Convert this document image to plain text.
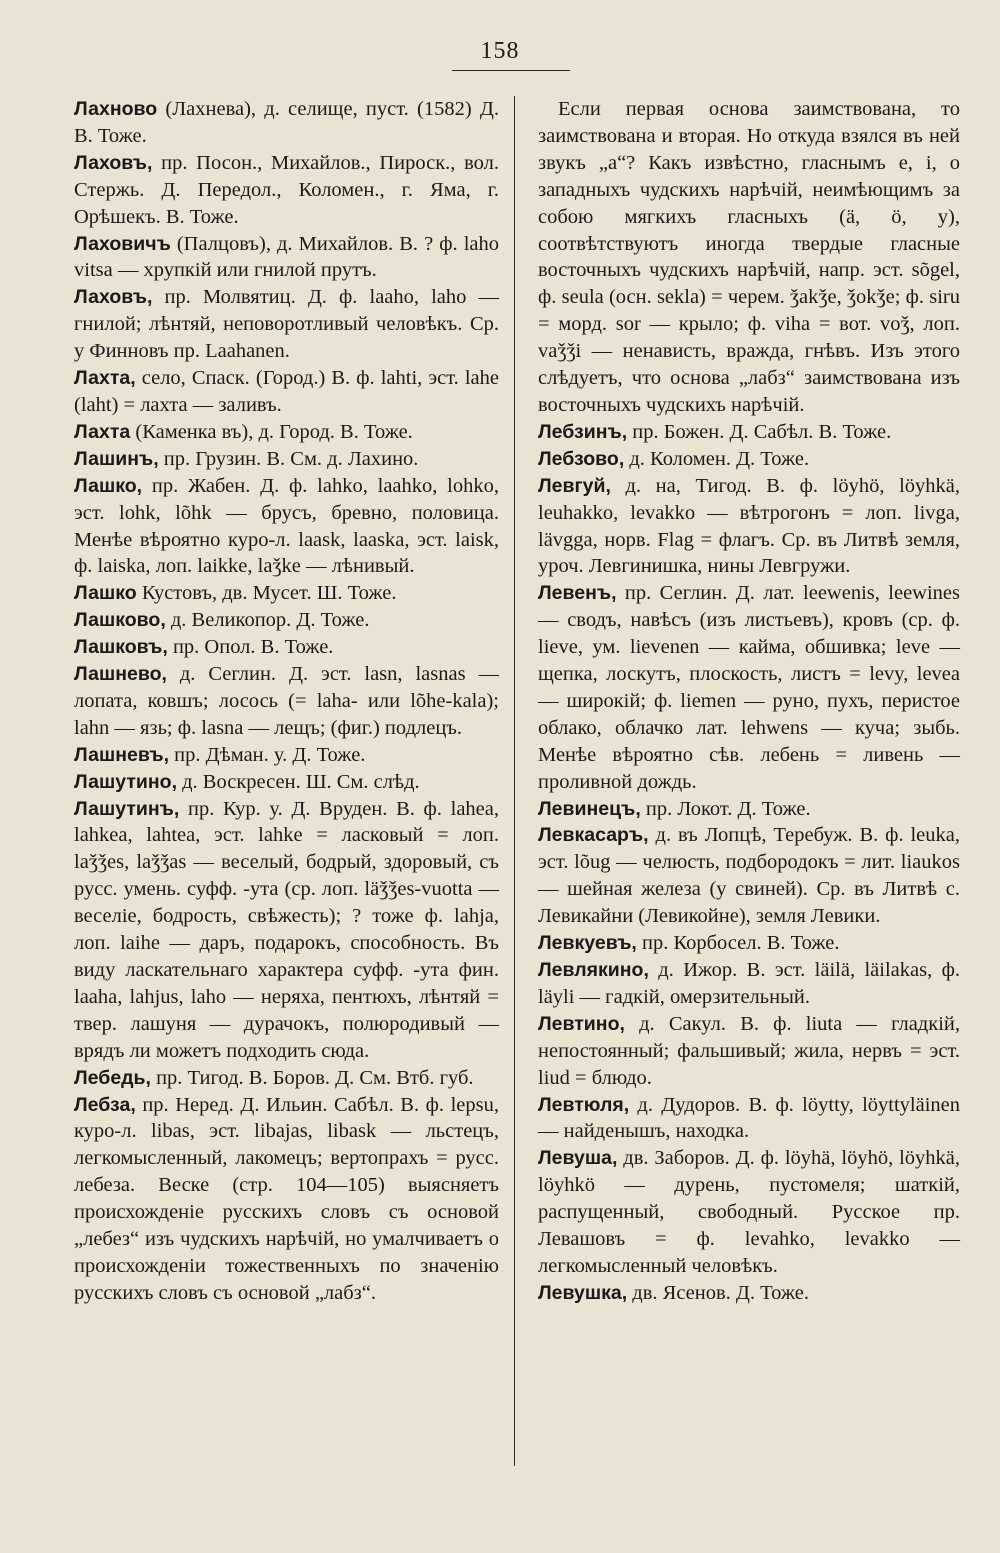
158

Лахново (Лахнева), д. селище, пуст. (1582) Д. В. Тоже.

Лаховъ, пр. Посон., Михайлов., Пироск., вол. Стержь. Д. Передол., Коломен., г. Яма, г. Орѣшекъ. В. Тоже.

Лаховичъ (Палцовъ), д. Михайлов. В. ? ф. laho vitsa — хрупкій или гнилой прутъ.

Лаховъ, пр. Молвятиц. Д. ф. laaho, laho — гнилой; лѣнтяй, неповоротливый человѣкъ. Ср. у Финновъ пр. Laahanen.

Лахта, село, Спаск. (Город.) В. ф. lahti, эст. lahe (laht) = лахта — заливъ.

Лахта (Каменка въ), д. Город. В. Тоже.

Лашинъ, пр. Грузин. В. См. д. Лахино.

Лашко, пр. Жабен. Д. ф. lahko, laahko, lohko, эст. lohk, lõhk — брусъ, бревно, половица. Менѣе вѣроятно куро-л. laask, laaska, эст. laisk, ф. laiska, лоп. laikke, laǯke — лѣнивый.

Лашко Кустовъ, дв. Мусет. Ш. Тоже.

Лашково, д. Великопор. Д. Тоже.

Лашковъ, пр. Опол. В. Тоже.

Лашнево, д. Сеглин. Д. эст. lasn, lasnas — лопата, ковшъ; лосось (= laha- или lõhe-kala); lahn — язь; ф. lasna — лещъ; (фиг.) подлецъ.

Лашневъ, пр. Дѣман. у. Д. Тоже.

Лашутино, д. Воскресен. Ш. См. слѣд.

Лашутинъ, пр. Кур. у. Д. Вруден. В. ф. lahea, lahkea, lahtea, эст. lahke = ласковый = лоп. laǯǯes, laǯǯas — веселый, бодрый, здоровый, съ русс. умень. суфф. -ута (ср. лоп. läǯǯes-vuotta — веселіе, бодрость, свѣжесть); ? тоже ф. lahja, лоп. laihe — даръ, подарокъ, способность. Въ виду ласкательнаго характера суфф. -ута фин. laaha, lahjus, laho — неряха, пентюхъ, лѣнтяй = твер. лашуня — дурачокъ, полюродивый — врядъ ли можетъ подходить сюда.

Лебедь, пр. Тигод. В. Боров. Д. См. Втб. губ.

Лебза, пр. Неред. Д. Ильин. Сабѣл. В. ф. lepsu, куро-л. libas, эст. libajas, libask — льстецъ, легкомысленный, лакомецъ; вертопрахъ = русс. лебеза. Веске (стр. 104—105) выясняетъ происхожденіе русскихъ словъ съ основой „лебез“ изъ чудскихъ нарѣчій, но умалчиваетъ о происхожденіи тожественныхъ по значенію русскихъ словъ съ основой „лабз“.

Если первая основа заимствована, то заимствована и вторая. Но откуда взялся въ ней звукъ „а“? Какъ извѣстно, гласнымъ е, і, о западныхъ чудскихъ нарѣчій, неимѣющимъ за собою мягкихъ гласныхъ (ä, ö, у), соотвѣтствуютъ иногда твердые гласные восточныхъ чудскихъ нарѣчій, напр. эст. sõgel, ф. seula (осн. sekla) = черем. ǯakǯe, ǯokǯe; ф. siru = морд. sor — крыло; ф. viha = вот. voǯ, лоп. vaǯǯi — ненависть, вражда, гнѣвъ. Изъ этого слѣдуетъ, что основа „лабз“ заимствована изъ восточныхъ чудскихъ нарѣчій.

Лебзинъ, пр. Божен. Д. Сабѣл. В. Тоже.

Лебзово, д. Коломен. Д. Тоже.

Левгуй, д. на, Тигод. В. ф. löyhö, löyhkä, leuhakko, levakko — вѣтрогонъ = лоп. livga, lävgga, норв. Flag = флагъ. Ср. въ Литвѣ земля, уроч. Левгинишка, нины Левгружи.

Левенъ, пр. Сеглин. Д. лат. leewenis, leewines — сводъ, навѣсъ (изъ листьевъ), кровъ (ср. ф. lieve, ум. lievenen — кайма, обшивка; leve — щепка, лоскутъ, плоскость, листъ = levy, levea — широкій; ф. liemen — руно, пухъ, перистое облако, облачко лат. lehwens — куча; зыбь. Менѣе вѣроятно сѣв. лебень = ливень — проливной дождь.

Левинецъ, пр. Локот. Д. Тоже.

Левкасаръ, д. въ Лопцѣ, Теребуж. В. ф. leuka, эст. lõug — челюсть, подбородокъ = лит. liaukos — шейная железа (у свиней). Ср. въ Литвѣ с. Левикайни (Левикойне), земля Левики.

Левкуевъ, пр. Корбосел. В. Тоже.

Левлякино, д. Ижор. В. эст. läilä, läilakas, ф. läyli — гадкій, омерзительный.

Левтино, д. Сакул. В. ф. liuta — гладкій, непостоянный; фальшивый; жила, нервъ = эст. liud = блюдо.

Левтюля, д. Дудоров. В. ф. löytty, löyttyläinen — найденышъ, находка.

Левуша, дв. Заборов. Д. ф. löyhä, löyhö, löyhkä, löyhkö — дурень, пустомеля; шаткій, распущенный, свободный. Русское пр. Левашовъ = ф. levahko, levakko — легкомысленный человѣкъ.

Левушка, дв. Ясенов. Д. Тоже.
